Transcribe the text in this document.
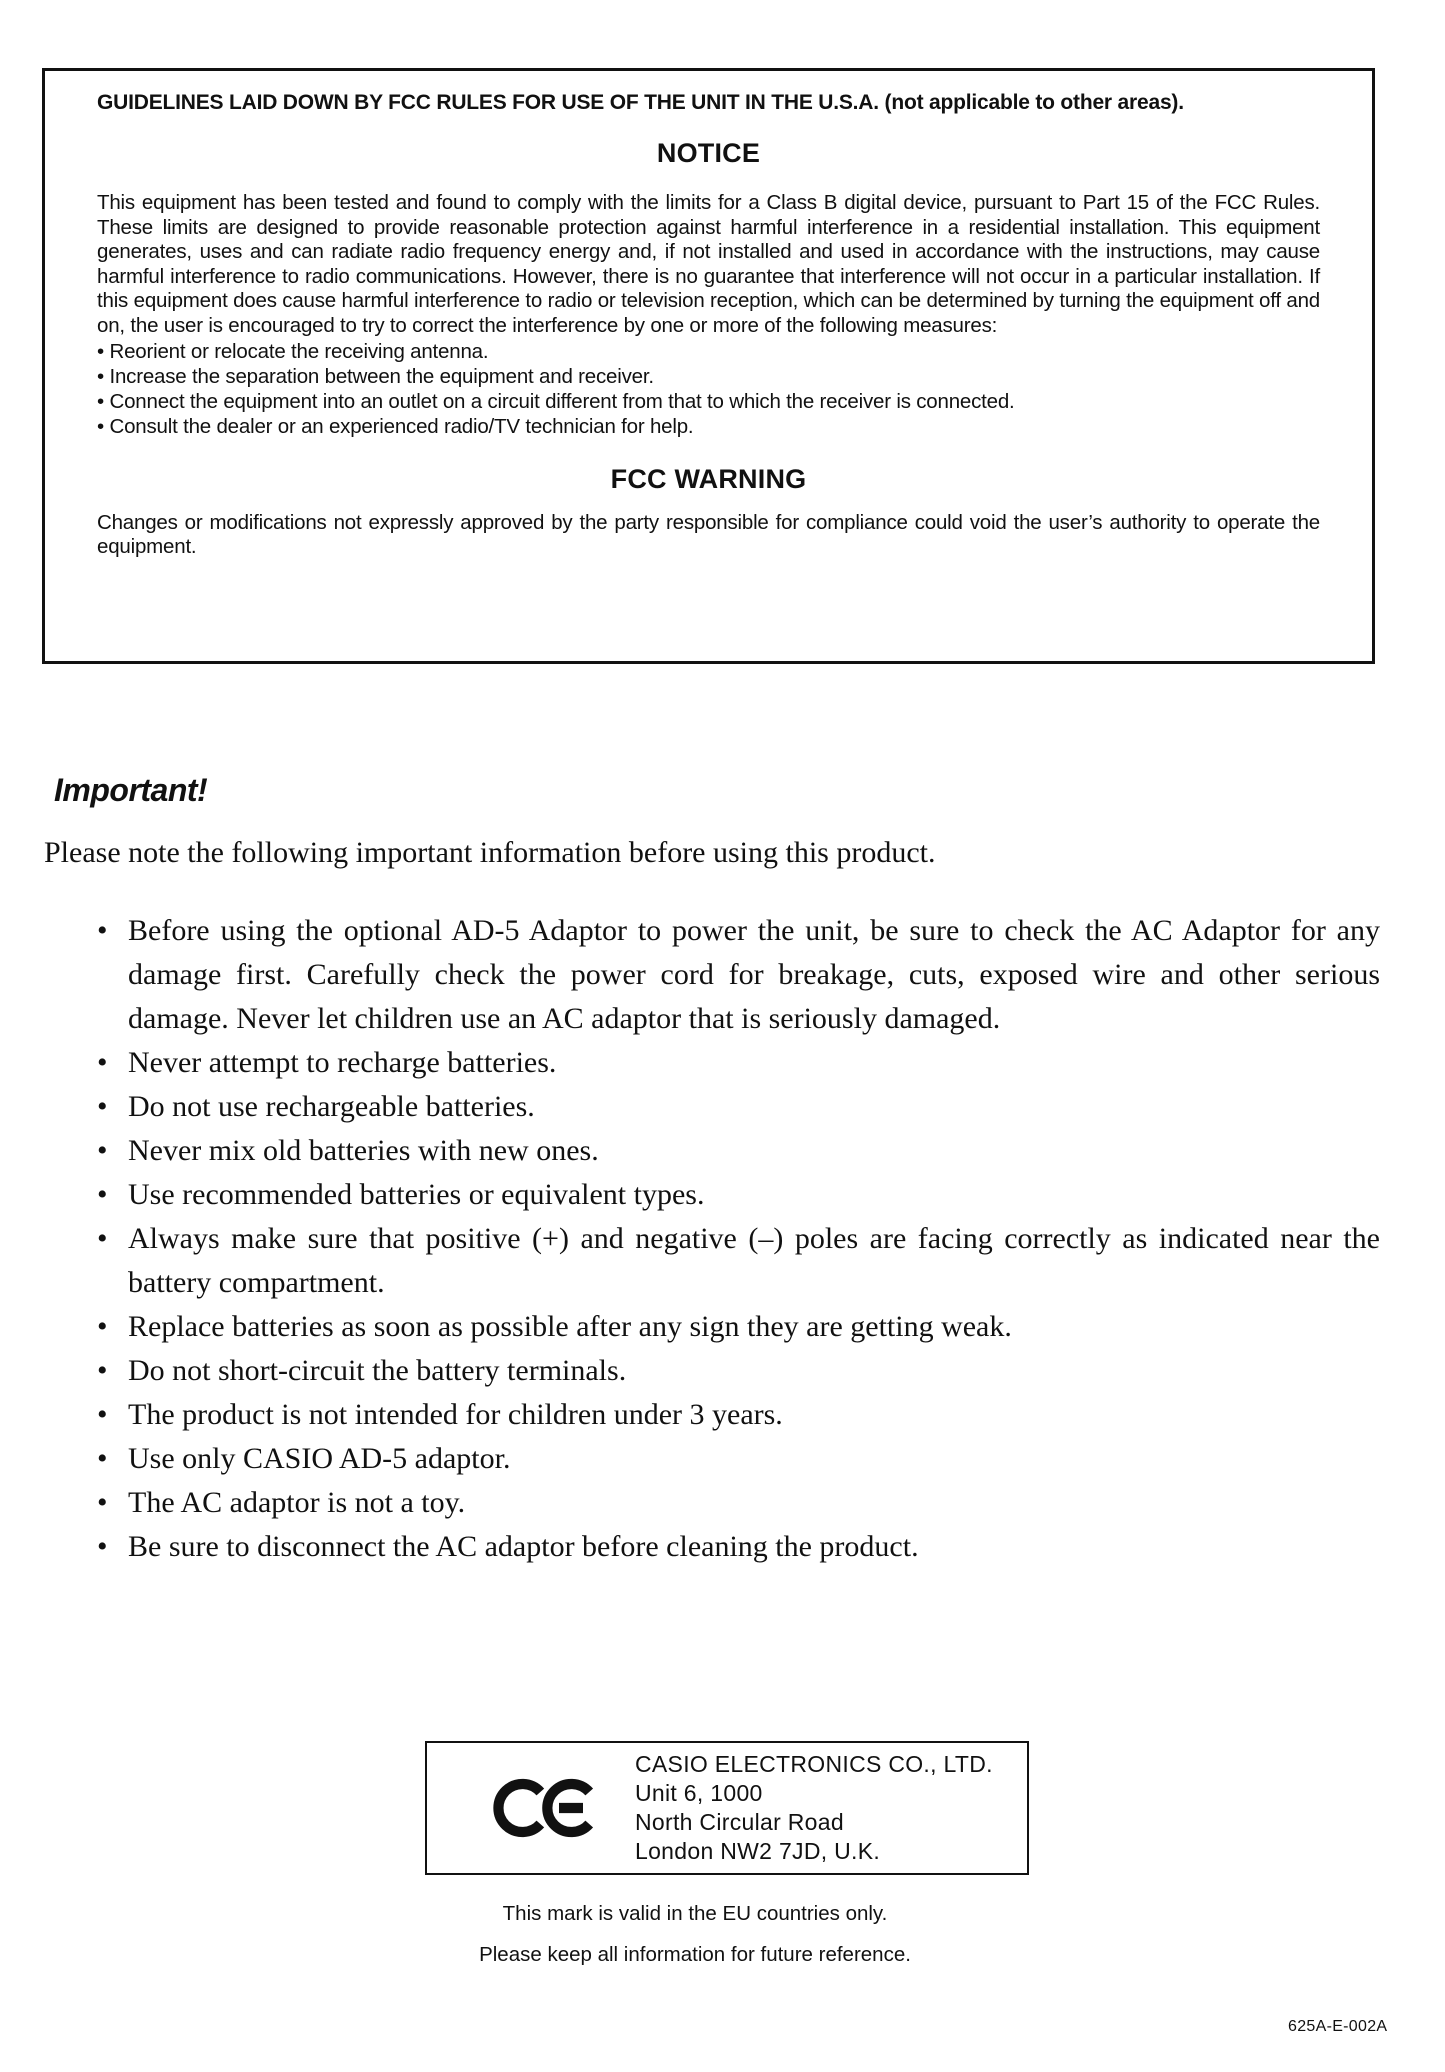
GUIDELINES LAID DOWN BY FCC RULES FOR USE OF THE UNIT IN THE U.S.A. (not applicable to other areas).
NOTICE
This equipment has been tested and found to comply with the limits for a Class B digital device, pursuant to Part 15 of the FCC Rules. These limits are designed to provide reasonable protection against harmful interference in a residential installation. This equipment generates, uses and can radiate radio frequency energy and, if not installed and used in accordance with the instructions, may cause harmful interference to radio communications. However, there is no guarantee that interference will not occur in a particular installation. If this equipment does cause harmful interference to radio or television reception, which can be determined by turning the equipment off and on, the user is encouraged to try to correct the interference by one or more of the following measures:
• Reorient or relocate the receiving antenna.
• Increase the separation between the equipment and receiver.
• Connect the equipment into an outlet on a circuit different from that to which the receiver is connected.
• Consult the dealer or an experienced radio/TV technician for help.
FCC WARNING
Changes or modifications not expressly approved by the party responsible for compliance could void the user’s authority to operate the equipment.
Important!

Please note the following important information before using this product.

• Before using the optional AD-5 Adaptor to power the unit, be sure to check the AC Adaptor for any damage first. Carefully check the power cord for breakage, cuts, exposed wire and other serious damage. Never let children use an AC adaptor that is seriously damaged.
• Never attempt to recharge batteries.
• Do not use rechargeable batteries.
• Never mix old batteries with new ones.
• Use recommended batteries or equivalent types.
• Always make sure that positive (+) and negative (–) poles are facing correctly as indicated near the battery compartment.
• Replace batteries as soon as possible after any sign they are getting weak.
• Do not short-circuit the battery terminals.
• The product is not intended for children under 3 years.
• Use only CASIO AD-5 adaptor.
• The AC adaptor is not a toy.
• Be sure to disconnect the AC adaptor before cleaning the product.
CASIO ELECTRONICS CO., LTD.
Unit 6, 1000
North Circular Road
London NW2 7JD, U.K.
This mark is valid in the EU countries only.
Please keep all information for future reference.
625A-E-002A
